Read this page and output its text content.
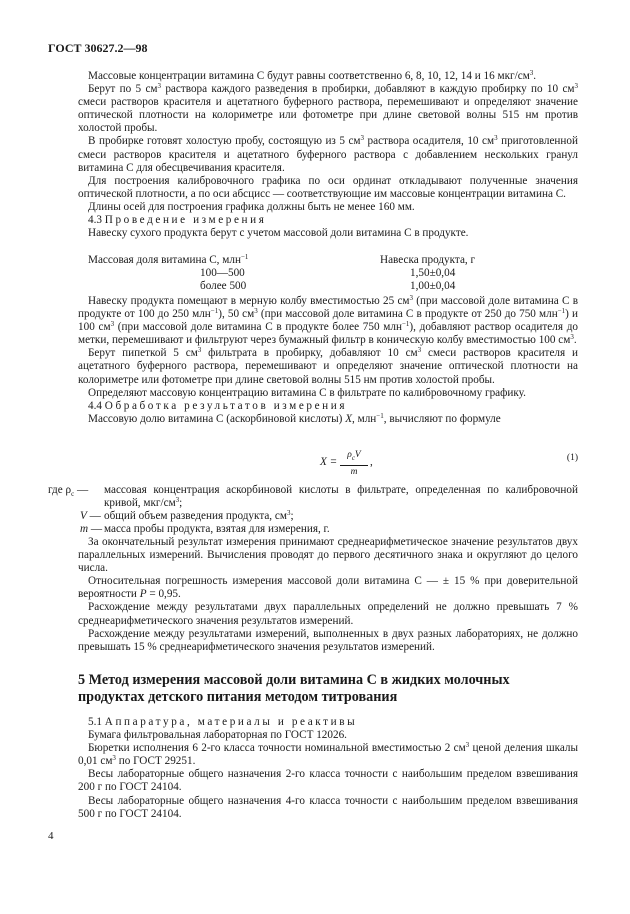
ГОСТ 30627.2—98

Массовые концентрации витамина С будут равны соответственно 6, 8, 10, 12, 14 и 16 мкг/$см^3$.

Берут по 5 $см^3$ раствора каждого разведения в пробирки, добавляют в каждую пробирку по 10 $см^3$ смеси растворов красителя и ацетатного буферного раствора, перемешивают и определяют значение оптической плотности на колориметре или фотометре при длине световой волны 515 нм против холостой пробы.

В пробирке готовят холостую пробу, состоящую из 5 $см^3$ раствора осадителя, 10 $см^3$ приготовленной смеси растворов красителя и ацетатного буферного раствора с добавлением нескольких гранул витамина С для обесцвечивания красителя.

Для построения калибровочного графика по оси ординат откладывают полученные значения оптической плотности, а по оси абсцисс — соответствующие им массовые концентрации витамина С.

Длины осей для построения графика должны быть не менее 160 мм.

4.3 Проведение измерения

Навеску сухого продукта берут с учетом массовой доли витамина С в продукте.

Массовая доля витамина С, млн$^{-1}$	Навеска продукта, г
100—500	1,50±0,04
более 500	1,00±0,04

Навеску продукта помещают в мерную колбу вместимостью 25 $см^3$ (при массовой доле витамина С в продукте от 100 до 250 млн$^{-1}$), 50 $см^3$ (при массовой доле витамина С в продукте от 250 до 750 млн$^{-1}$) и 100 $см^3$ (при массовой доле витамина С в продукте более 750 млн$^{-1}$), добавляют раствор осадителя до метки, перемешивают и фильтруют через бумажный фильтр в коническую колбу вместимостью 100 $см^3$.

Берут пипеткой 5 $см^3$ фильтрата в пробирку, добавляют 10 $см^3$ смеси растворов красителя и ацетатного буферного раствора, перемешивают и определяют значение оптической плотности на колориметре или фотометре при длине световой волны 515 нм против холостой пробы.

Определяют массовую концентрацию витамина С в фильтрате по калибровочному графику.

4.4 Обработка результатов измерения

Массовую долю витамина С (аскорбиновой кислоты) X, млн$^{-1}$, вычисляют по формуле

X =
$\rho_cV$
m
,	(1)
где $\rho_c$ — массовая концентрация аскорбиновой кислоты в фильтрате, определенная по калибровочной кривой, мкг/$см^3$;
V — общий объем разведения продукта, $см^3$;
m — масса пробы продукта, взятая для измерения, г.

За окончательный результат измерения принимают среднеарифметическое значение результатов двух параллельных измерений. Вычисления проводят до первого десятичного знака и округляют до целого числа.

Относительная погрешность измерения массовой доли витамина С — ± 15 % при доверительной вероятности P = 0,95.

Расхождение между результатами двух параллельных определений не должно превышать 7 % среднеарифметического значения результатов измерений.

Расхождение между результатами измерений, выполненных в двух разных лабораториях, не должно превышать 15 % среднеарифметического значения результатов измерений.

5 Метод измерения массовой доли витамина С в жидких молочных продуктах детского питания методом титрования

5.1 Аппаратура, материалы и реактивы

Бумага фильтровальная лабораторная по ГОСТ 12026.

Бюретки исполнения 6 2-го класса точности номинальной вместимостью 2 $см^3$ ценой деления шкалы 0,01 $см^3$ по ГОСТ 29251.

Весы лабораторные общего назначения 2-го класса точности с наибольшим пределом взвешивания 200 г по ГОСТ 24104.

Весы лабораторные общего назначения 4-го класса точности с наибольшим пределом взвешивания 500 г по ГОСТ 24104.

4
